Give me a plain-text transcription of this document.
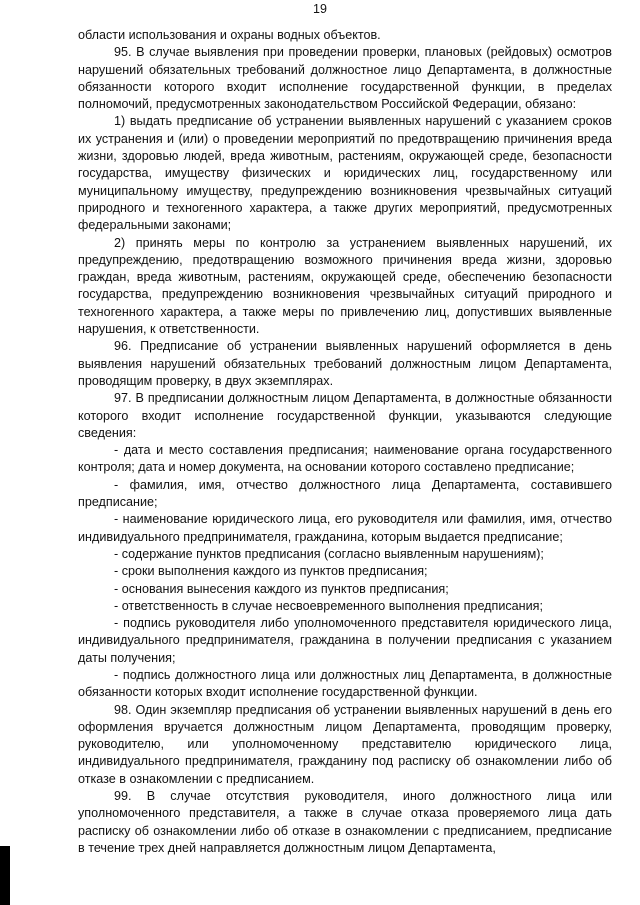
19

области использования и охраны водных объектов.

95. В случае выявления при проведении проверки, плановых (рейдовых) осмотров нарушений обязательных требований должностное лицо Департамента, в должностные обязанности которого входит исполнение государственной функции, в пределах полномочий, предусмотренных законодательством Российской Федерации, обязано:

1) выдать предписание об устранении выявленных нарушений с указанием сроков их устранения и (или) о проведении мероприятий по предотвращению причинения вреда жизни, здоровью людей, вреда животным, растениям, окружающей среде, безопасности государства, имуществу физических и юридических лиц, государственному или муниципальному имуществу, предупреждению возникновения чрезвычайных ситуаций природного и техногенного характера, а также других мероприятий, предусмотренных федеральными законами;

2) принять меры по контролю за устранением выявленных нарушений, их предупреждению, предотвращению возможного причинения вреда жизни, здоровью граждан, вреда животным, растениям, окружающей среде, обеспечению безопасности государства, предупреждению возникновения чрезвычайных ситуаций природного и техногенного характера, а также меры по привлечению лиц, допустивших выявленные нарушения, к ответственности.

96. Предписание об устранении выявленных нарушений оформляется в день выявления нарушений обязательных требований должностным лицом Департамента, проводящим проверку, в двух экземплярах.

97. В предписании должностным лицом Департамента, в должностные обязанности которого входит исполнение государственной функции, указываются следующие сведения:

- дата и место составления предписания; наименование органа государственного контроля; дата и номер документа, на основании которого составлено предписание;

- фамилия, имя, отчество должностного лица Департамента, составившего предписание;

- наименование юридического лица, его руководителя или фамилия, имя, отчество индивидуального предпринимателя, гражданина, которым выдается предписание;

- содержание пунктов предписания (согласно выявленным нарушениям);

- сроки выполнения каждого из пунктов предписания;

- основания вынесения каждого из пунктов предписания;

- ответственность в случае несвоевременного выполнения предписания;

- подпись руководителя либо уполномоченного представителя юридического лица, индивидуального предпринимателя, гражданина в получении предписания с указанием даты получения;

- подпись должностного лица или должностных лиц Департамента, в должностные обязанности которых входит исполнение государственной функции.

98. Один экземпляр предписания об устранении выявленных нарушений в день его оформления вручается должностным лицом Департамента, проводящим проверку, руководителю, или уполномоченному представителю юридического лица, индивидуального предпринимателя, гражданину под расписку об ознакомлении либо об отказе в ознакомлении с предписанием.

99. В случае отсутствия руководителя, иного должностного лица или уполномоченного представителя, а также в случае отказа проверяемого лица дать расписку об ознакомлении либо об отказе в ознакомлении с предписанием, предписание в течение трех дней направляется должностным лицом Департамента,
